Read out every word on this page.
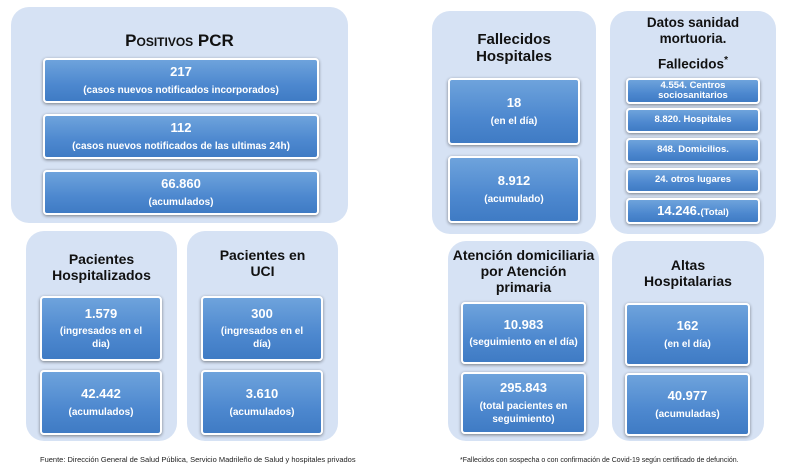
Positivos PCR
217
(casos nuevos notificados incorporados)
112
(casos nuevos notificados de las ultimas 24h)
66.860
(acumulados)
Pacientes Hospitalizados
1.579
(ingresados en el dia)
42.442
(acumulados)
Pacientes en UCI
300
(ingresados en el día)
3.610
(acumulados)
Fallecidos Hospitales
18
(en el día)
8.912
(acumulado)
Datos sanidad mortuoria.
Fallecidos*
4.554. Centros sociosanitarios
8.820. Hospitales
848. Domicilios.
24. otros lugares
14.246.(Total)
Atención domiciliaria por Atención primaria
10.983
(seguimiento en el día)
295.843
(total pacientes en seguimiento)
Altas Hospitalarias
162
(en el día)
40.977
(acumuladas)
Fuente: Dirección General de Salud Pública, Servicio Madrileño de Salud y hospitales privados	*Fallecidos con sospecha o con confirmación de Covid-19 según certificado de defunción.
